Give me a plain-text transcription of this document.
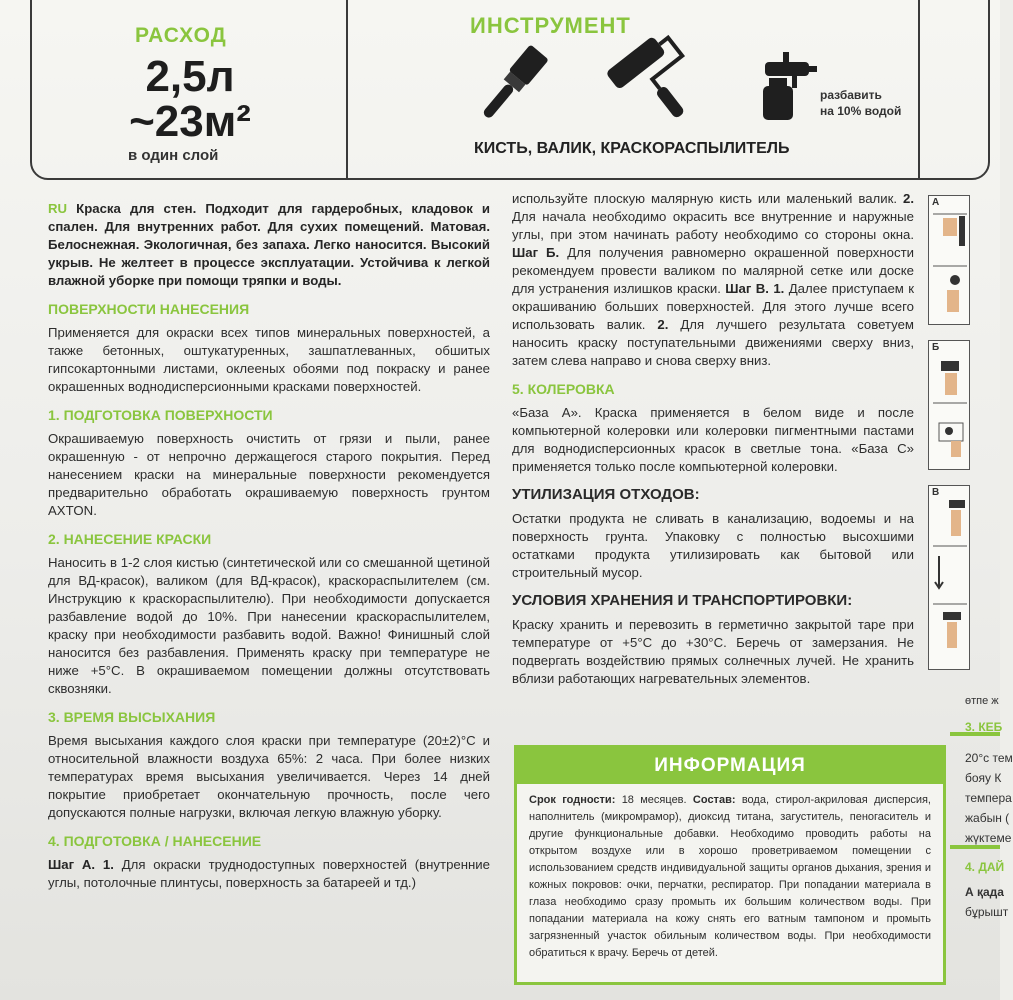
РАСХОД
2,5л
~23м²
в один слой
ИНСТРУМЕНТ
разбавить
на 10% водой
КИСТЬ, ВАЛИК, КРАСКОРАСПЫЛИТЕЛЬ

RU Краска для стен. Подходит для гардеробных, кладовок и спален. Для внутренних работ. Для сухих помещений. Матовая. Белоснежная. Экологичная, без запаха. Легко наносится. Высокий укрыв. Не желтеет в процессе эксплуатации. Устойчива к легкой влажной уборке при помощи тряпки и воды.

ПОВЕРХНОСТИ НАНЕСЕНИЯ

Применяется для окраски всех типов минеральных поверхностей, а также бетонных, оштукатуренных, зашпатлеванных, обшитых гипсокартонными листами, оклееных обоями под покраску и ранее окрашенных воднодисперсионными красками поверхностей.

1. ПОДГОТОВКА ПОВЕРХНОСТИ

Окрашиваемую поверхность очистить от грязи и пыли, ранее окрашенную - от непрочно держащегося старого покрытия. Перед нанесением краски на минеральные поверхности рекомендуется предварительно обработать окрашиваемую поверхность грунтом AXTON.

2. НАНЕСЕНИЕ КРАСКИ

Наносить в 1-2 слоя кистью (синтетической или со смешанной щетиной для ВД-красок), валиком (для ВД-красок), краскораспылителем (см. Инструкцию к краскораспылителю). При необходимости допускается разбавление водой до 10%. При нанесении краскораспылителем, краску при необходимости разбавить водой. Важно! Финишный слой наносится без разбавления. Применять краску при температуре не ниже +5°С. В окрашиваемом помещении должны отсутствовать сквозняки.

3. ВРЕМЯ ВЫСЫХАНИЯ

Время высыхания каждого слоя краски при температуре (20±2)°С и относительной влажности воздуха 65%: 2 часа. При более низких температурах время высыхания увеличивается. Через 14 дней покрытие приобретает окончательную прочность, после чего допускаются полные нагрузки, включая легкую влажную уборку.

4. ПОДГОТОВКА / НАНЕСЕНИЕ

Шаг А. 1. Для окраски труднодоступных поверхностей (внутренние углы, потолочные плинтусы, поверхность за батареей и тд.)

используйте плоскую малярную кисть или маленький валик. 2. Для начала необходимо окрасить все внутренние и наружные углы, при этом начинать работу необходимо со стороны окна. Шаг Б. Для получения равномерно окрашенной поверхности рекомендуем провести валиком по малярной сетке или доске для устранения излишков краски. Шаг В. 1. Далее приступаем к окрашиванию больших поверхностей. Для этого лучше всего использовать валик. 2. Для лучшего результата советуем наносить краску поступательными движениями сверху вниз, затем слева направо и снова сверху вниз.

5. КОЛЕРОВКА

«База А». Краска применяется в белом виде и после компьютерной колеровки или колеровки пигментными пастами для воднодисперсионных красок в светлые тона. «База С» применяется только после компьютерной колеровки.

УТИЛИЗАЦИЯ ОТХОДОВ:

Остатки продукта не сливать в канализацию, водоемы и на поверхность грунта. Упаковку с полностью высохшими остатками продукта утилизировать как бытовой или строительный мусор.

УСЛОВИЯ ХРАНЕНИЯ И ТРАНСПОРТИРОВКИ:

Краску хранить и перевозить в герметично закрытой таре при температуре от +5°С до +30°С. Беречь от замерзания. Не подвергать воздействию прямых солнечных лучей. Не хранить вблизи работающих нагревательных элементов.

ИНФОРМАЦИЯ
Срок годности: 18 месяцев. Состав: вода, стирол-акриловая дисперсия, наполнитель (микромрамор), диоксид титана, загуститель, пеногаситель и другие функциональные добавки. Необходимо проводить работы на открытом воздухе или в хорошо проветриваемом помещении с использованием средств индивидуальной защиты органов дыхания, зрения и кожных покровов: очки, перчатки, респиратор. При попадании материала в глаза необходимо сразу промыть их большим количеством воды. При попадании материала на кожу снять его ватным тампоном и промыть загрязненный участок обильным количеством воды. При необходимости обратиться к врачу. Беречь от детей.
А
Б
В
өтпе ж
3. КЕБ
20°с тем
бояу К
темпера
жабын (
жүктеме
4. ДАЙ
А қада
бұрышт
